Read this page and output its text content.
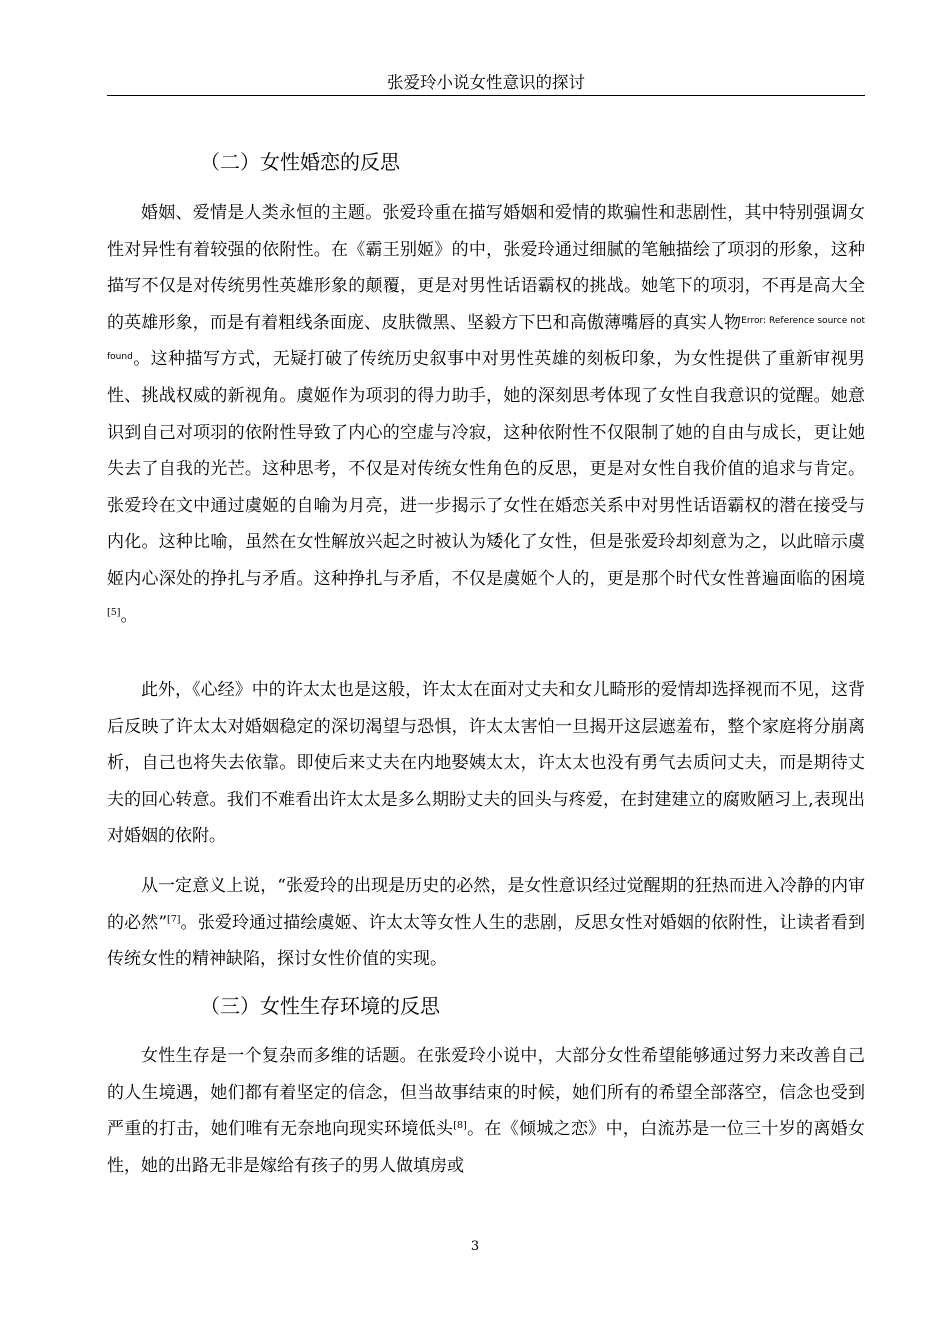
张爱玲小说女性意识的探讨
（二）女性婚恋的反思
婚姻、爱情是人类永恒的主题。张爱玲重在描写婚姻和爱情的欺骗性和悲剧性，其中特别强调女性对异性有着较强的依附性。在《霸王别姬》的中，张爱玲通过细腻的笔触描绘了项羽的形象，这种描写不仅是对传统男性英雄形象的颠覆，更是对男性话语霸权的挑战。她笔下的项羽，不再是高大全的英雄形象，而是有着粗线条面庞、皮肤微黑、坚毅方下巴和高傲薄嘴唇的真实人物$^{Error: Reference source not found}$。这种描写方式，无疑打破了传统历史叙事中对男性英雄的刻板印象，为女性提供了重新审视男性、挑战权威的新视角。虞姬作为项羽的得力助手，她的深刻思考体现了女性自我意识的觉醒。她意识到自己对项羽的依附性导致了内心的空虚与冷寂，这种依附性不仅限制了她的自由与成长，更让她失去了自我的光芒。这种思考，不仅是对传统女性角色的反思，更是对女性自我价值的追求与肯定。张爱玲在文中通过虞姬的自喻为月亮，进一步揭示了女性在婚恋关系中对男性话语霸权的潜在接受与内化。这种比喻，虽然在女性解放兴起之时被认为矮化了女性，但是张爱玲却刻意为之，以此暗示虞姬内心深处的挣扎与矛盾。这种挣扎与矛盾，不仅是虞姬个人的，更是那个时代女性普遍面临的困境[5]。
此外，《心经》中的许太太也是这般，许太太在面对丈夫和女儿畸形的爱情却选择视而不见，这背后反映了许太太对婚姻稳定的深切渴望与恐惧，许太太害怕一旦揭开这层遮羞布，整个家庭将分崩离析，自己也将失去依靠。即使后来丈夫在内地娶姨太太，许太太也没有勇气去质问丈夫，而是期待丈夫的回心转意。我们不难看出许太太是多么期盼丈夫的回头与疼爱，在封建建立的腐败陋习上,表现出对婚姻的依附。
从一定意义上说，“张爱玲的出现是历史的必然，是女性意识经过觉醒期的狂热而进入冷静的内审的必然”[7]。张爱玲通过描绘虞姬、许太太等女性人生的悲剧，反思女性对婚姻的依附性，让读者看到传统女性的精神缺陷，探讨女性价值的实现。
（三）女性生存环境的反思
女性生存是一个复杂而多维的话题。在张爱玲小说中，大部分女性希望能够通过努力来改善自己的人生境遇，她们都有着坚定的信念，但当故事结束的时候，她们所有的希望全部落空，信念也受到严重的打击，她们唯有无奈地向现实环境低头[8]。在《倾城之恋》中，白流苏是一位三十岁的离婚女性，她的出路无非是嫁给有孩子的男人做填房或
3
